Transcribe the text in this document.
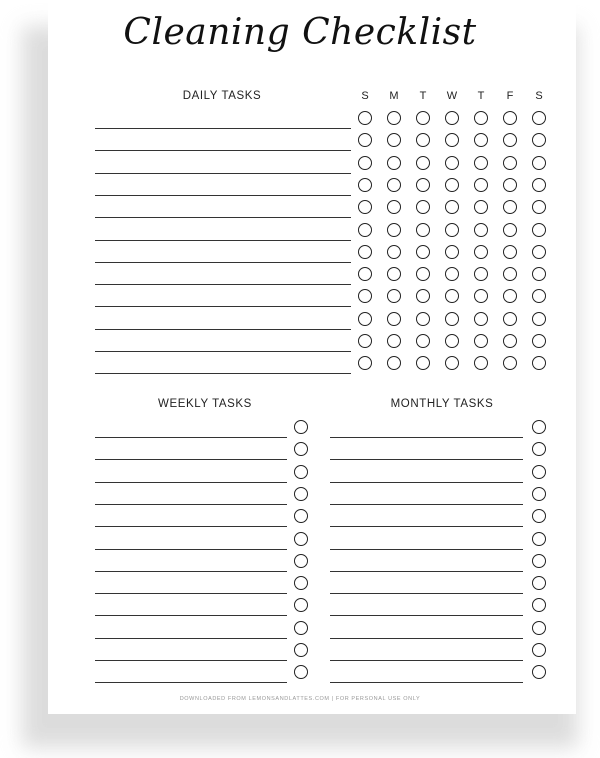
Cleaning Checklist
DAILY TASKS
WEEKLY TASKS	MONTHLY TASKS
S	M	T	W	T	F	S
DOWNLOADED FROM LEMONSANDLATTES.COM | FOR PERSONAL USE ONLY
